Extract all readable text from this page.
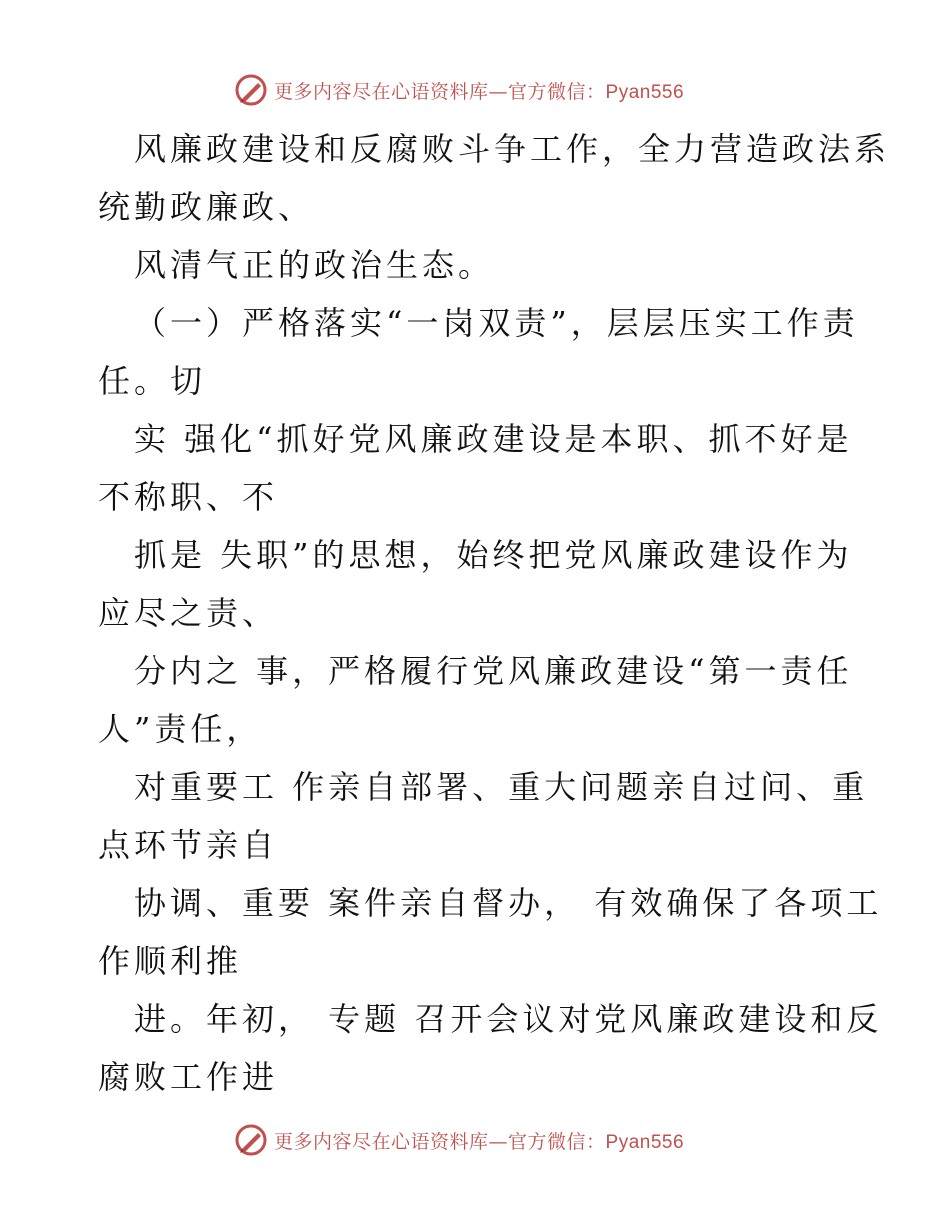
更多内容尽在心语资料库—官方微信：Pyan556
风廉政建设和反腐败斗争工作，全力营造政法系
统勤政廉政、
风清气正的政治生态。
（一）严格落实“一岗双责”，层层压实工作责
任。切
实 强化“抓好党风廉政建设是本职、抓不好是
不称职、不
抓是 失职”的思想，始终把党风廉政建设作为
应尽之责、
分内之 事，严格履行党风廉政建设“第一责任
人”责任，
对重要工 作亲自部署、重大问题亲自过问、重
点环节亲自
协调、重要 案件亲自督办， 有效确保了各项工
作顺利推
进。年初， 专题 召开会议对党风廉政建设和反
腐败工作进
更多内容尽在心语资料库—官方微信：Pyan556
